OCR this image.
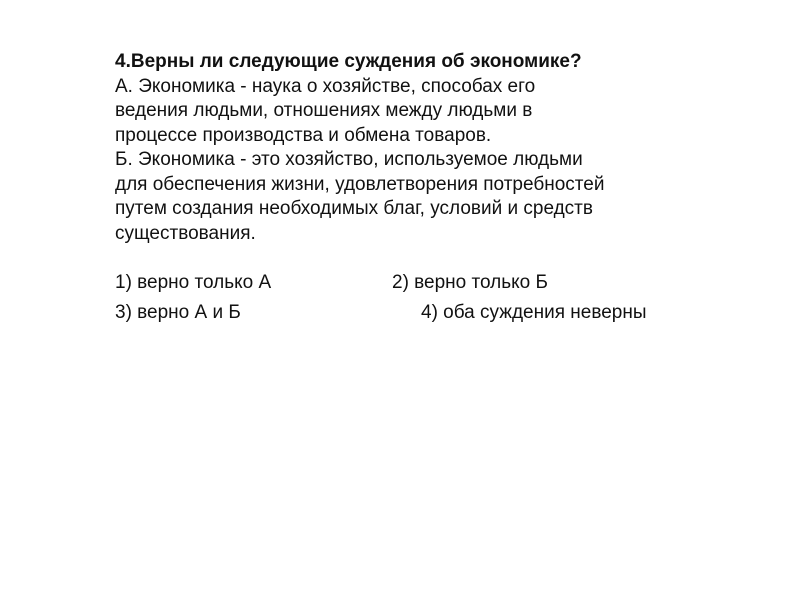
4.Верны ли следующие суждения об экономике?
А. Экономика - наука о хозяйстве, способах его
ведения людьми, отношениях между людьми в
процессе производства и обмена товаров.
Б. Экономика - это хозяйство, используемое людьми
для обеспечения жизни, удовлетворения потребностей
путем создания необходимых благ, условий и средств
существования.
1) верно только А	2) верно только Б
3) верно А и Б	4) оба суждения неверны
